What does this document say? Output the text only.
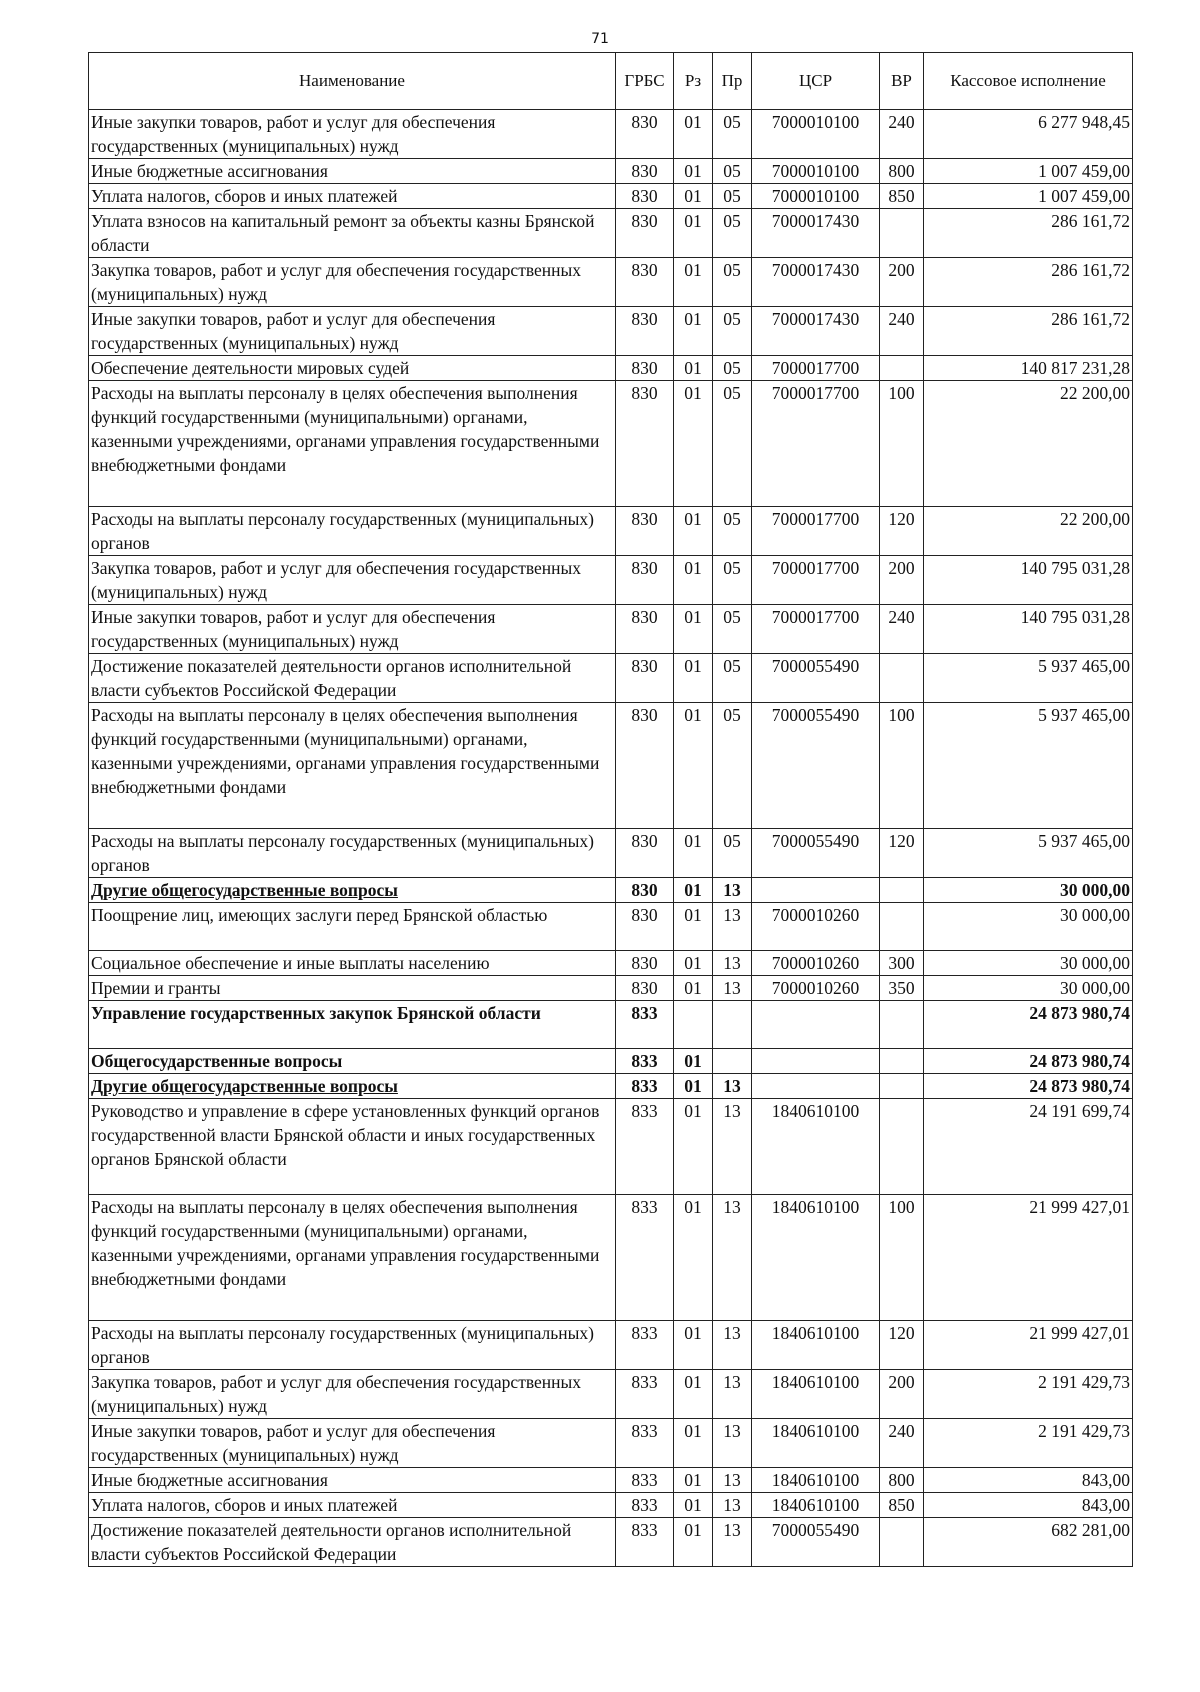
71
Наименование	ГРБС	Рз	Пр	ЦСР	ВР	Кассовое исполнение
Иные закупки товаров, работ и услуг для обеспечения государственных (муниципальных) нужд	830	01	05	7000010100	240	6 277 948,45
Иные бюджетные ассигнования	830	01	05	7000010100	800	1 007 459,00
Уплата налогов, сборов и иных платежей	830	01	05	7000010100	850	1 007 459,00
Уплата взносов на капитальный ремонт за объекты казны Брянской области	830	01	05	7000017430		286 161,72
Закупка товаров, работ и услуг для обеспечения государственных (муниципальных) нужд	830	01	05	7000017430	200	286 161,72
Иные закупки товаров, работ и услуг для обеспечения государственных (муниципальных) нужд	830	01	05	7000017430	240	286 161,72
Обеспечение деятельности мировых судей	830	01	05	7000017700		140 817 231,28
Расходы на выплаты персоналу в целях обеспечения выполнения функций государственными (муниципальными) органами, казенными учреждениями, органами управления государственными внебюджетными фондами	830	01	05	7000017700	100	22 200,00
Расходы на выплаты персоналу государственных (муниципальных) органов	830	01	05	7000017700	120	22 200,00
Закупка товаров, работ и услуг для обеспечения государственных (муниципальных) нужд	830	01	05	7000017700	200	140 795 031,28
Иные закупки товаров, работ и услуг для обеспечения государственных (муниципальных) нужд	830	01	05	7000017700	240	140 795 031,28
Достижение показателей деятельности органов исполнительной власти субъектов Российской Федерации	830	01	05	7000055490		5 937 465,00
Расходы на выплаты персоналу в целях обеспечения выполнения функций государственными (муниципальными) органами, казенными учреждениями, органами управления государственными внебюджетными фондами	830	01	05	7000055490	100	5 937 465,00
Расходы на выплаты персоналу государственных (муниципальных) органов	830	01	05	7000055490	120	5 937 465,00
Другие общегосударственные вопросы	830	01	13			30 000,00
Поощрение лиц, имеющих заслуги перед Брянской областью	830	01	13	7000010260		30 000,00
Социальное обеспечение и иные выплаты населению	830	01	13	7000010260	300	30 000,00
Премии и гранты	830	01	13	7000010260	350	30 000,00
Управление государственных закупок Брянской области	833					24 873 980,74
Общегосударственные вопросы	833	01				24 873 980,74
Другие общегосударственные вопросы	833	01	13			24 873 980,74
Руководство и управление в сфере установленных функций органов государственной власти Брянской области и иных государственных органов Брянской области	833	01	13	1840610100		24 191 699,74
Расходы на выплаты персоналу в целях обеспечения выполнения функций государственными (муниципальными) органами, казенными учреждениями, органами управления государственными внебюджетными фондами	833	01	13	1840610100	100	21 999 427,01
Расходы на выплаты персоналу государственных (муниципальных) органов	833	01	13	1840610100	120	21 999 427,01
Закупка товаров, работ и услуг для обеспечения государственных (муниципальных) нужд	833	01	13	1840610100	200	2 191 429,73
Иные закупки товаров, работ и услуг для обеспечения государственных (муниципальных) нужд	833	01	13	1840610100	240	2 191 429,73
Иные бюджетные ассигнования	833	01	13	1840610100	800	843,00
Уплата налогов, сборов и иных платежей	833	01	13	1840610100	850	843,00
Достижение показателей деятельности органов исполнительной власти субъектов Российской Федерации	833	01	13	7000055490		682 281,00
